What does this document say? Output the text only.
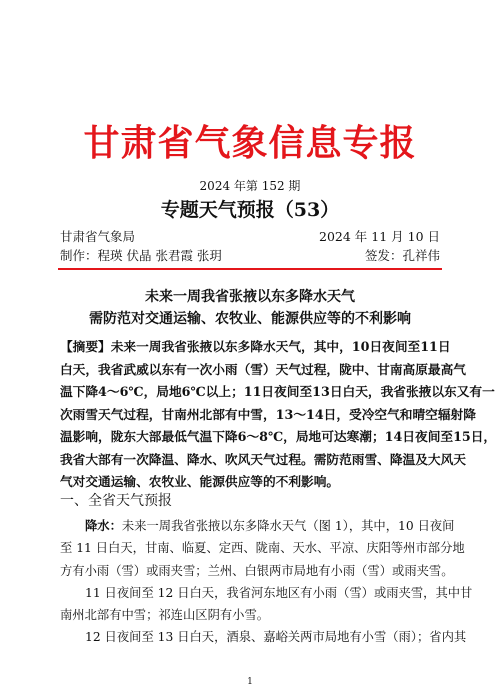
甘肃省气象信息专报
2024 年第 152 期
专题天气预报（53）
甘肃省气象局	2024 年 11 月 10 日
制作：程瑛 伏晶 张君霞 张玥	签发：孔祥伟
未来一周我省张掖以东多降水天气
需防范对交通运输、农牧业、能源供应等的不利影响
【摘要】未来一周我省张掖以东多降水天气，其中，10日夜间至11日
白天，我省武威以东有一次小雨（雪）天气过程，陇中、甘南高原最高气
温下降4～6℃，局地6℃以上；11日夜间至13日白天，我省张掖以东又有一
次雨雪天气过程，甘南州北部有中雪，13～14日，受冷空气和晴空辐射降
温影响，陇东大部最低气温下降6～8℃，局地可达寒潮；14日夜间至15日，
我省大部有一次降温、降水、吹风天气过程。需防范雨雪、降温及大风天
气对交通运输、农牧业、能源供应等的不利影响。
一、全省天气预报
降水：未来一周我省张掖以东多降水天气（图 1），其中，10 日夜间
至 11 日白天，甘南、临夏、定西、陇南、天水、平凉、庆阳等州市部分地
方有小雨（雪）或雨夹雪；兰州、白银两市局地有小雨（雪）或雨夹雪。
11 日夜间至 12 日白天，我省河东地区有小雨（雪）或雨夹雪，其中甘
南州北部有中雪；祁连山区阴有小雪。
12 日夜间至 13 日白天，酒泉、嘉峪关两市局地有小雪（雨）；省内其
1
